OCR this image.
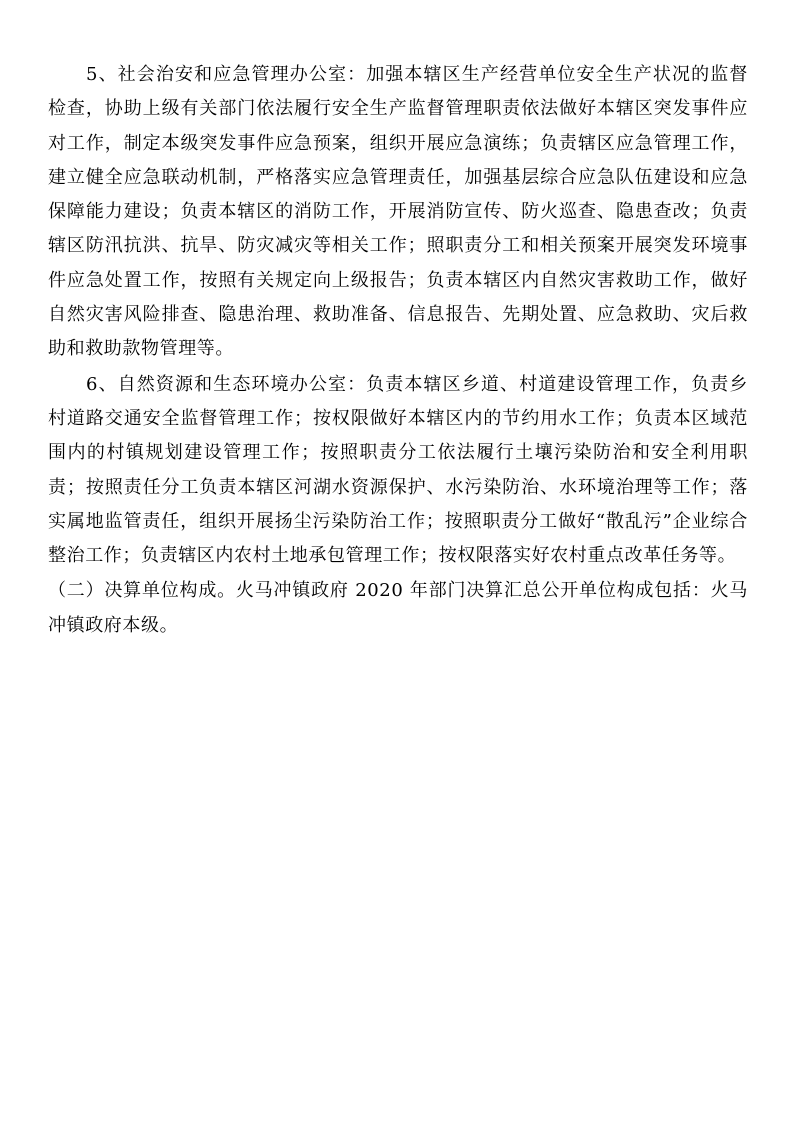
5、社会治安和应急管理办公室：加强本辖区生产经营单位安全生产状况的监督检查，协助上级有关部门依法履行安全生产监督管理职责依法做好本辖区突发事件应对工作，制定本级突发事件应急预案，组织开展应急演练；负责辖区应急管理工作，建立健全应急联动机制，严格落实应急管理责任，加强基层综合应急队伍建设和应急保障能力建设；负责本辖区的消防工作，开展消防宣传、防火巡查、隐患查改；负责辖区防汛抗洪、抗旱、防灾减灾等相关工作；照职责分工和相关预案开展突发环境事件应急处置工作，按照有关规定向上级报告；负责本辖区内自然灾害救助工作，做好自然灾害风险排查、隐患治理、救助准备、信息报告、先期处置、应急救助、灾后救助和救助款物管理等。

6、自然资源和生态环境办公室：负责本辖区乡道、村道建设管理工作，负责乡村道路交通安全监督管理工作；按权限做好本辖区内的节约用水工作；负责本区域范围内的村镇规划建设管理工作；按照职责分工依法履行土壤污染防治和安全利用职责；按照责任分工负责本辖区河湖水资源保护、水污染防治、水环境治理等工作；落实属地监管责任，组织开展扬尘污染防治工作；按照职责分工做好“散乱污”企业综合整治工作；负责辖区内农村土地承包管理工作；按权限落实好农村重点改革任务等。

（二）决算单位构成。火马冲镇政府 2020 年部门决算汇总公开单位构成包括：火马冲镇政府本级。
